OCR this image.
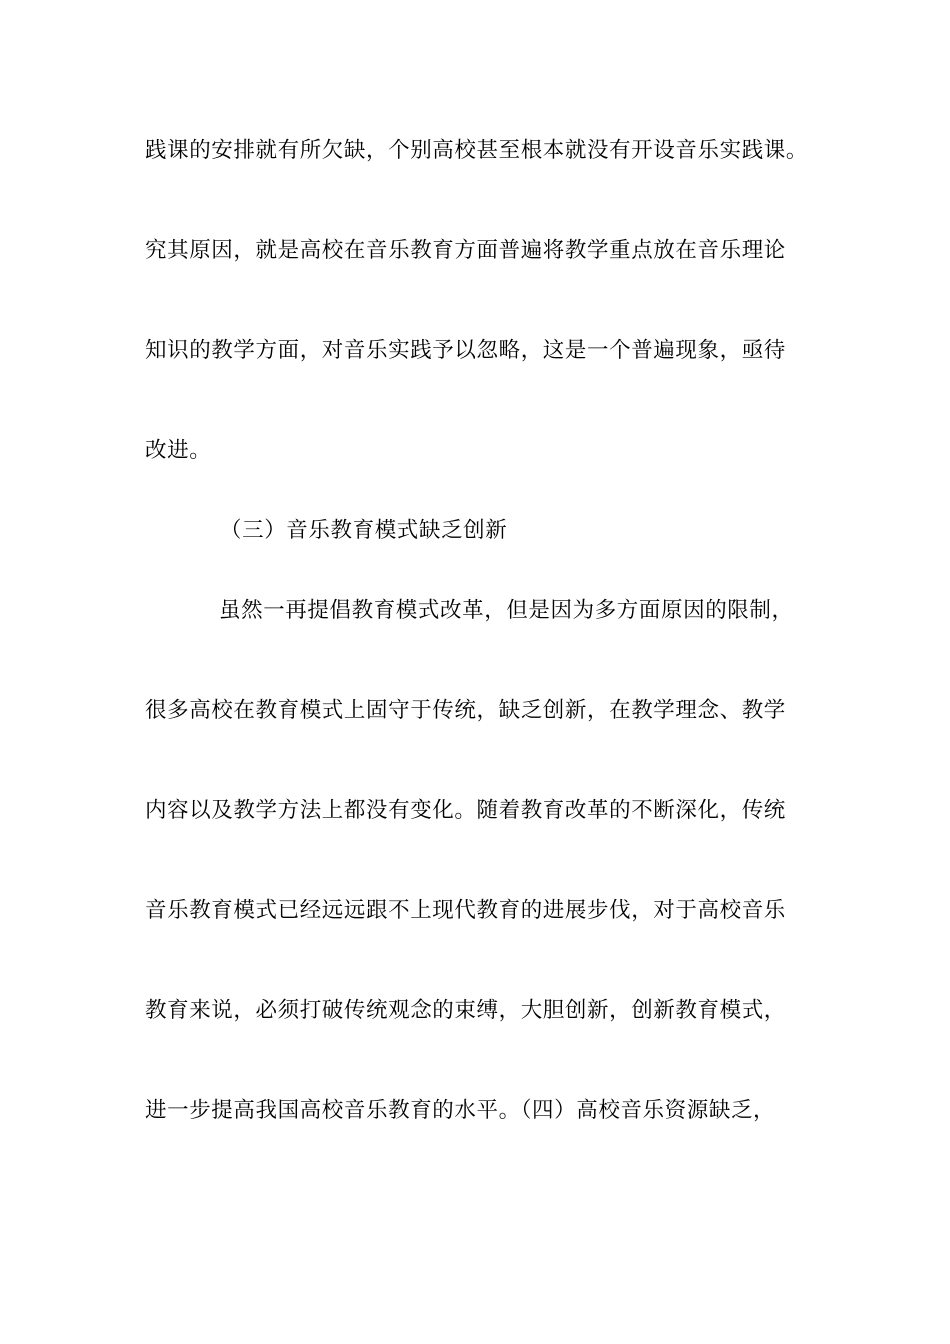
践课的安排就有所欠缺，个别高校甚至根本就没有开设音乐实践课。
究其原因，就是高校在音乐教育方面普遍将教学重点放在音乐理论
知识的教学方面，对音乐实践予以忽略，这是一个普遍现象，亟待
改进。
（三）音乐教育模式缺乏创新
虽然一再提倡教育模式改革，但是因为多方面原因的限制，
很多高校在教育模式上固守于传统，缺乏创新，在教学理念、教学
内容以及教学方法上都没有变化。随着教育改革的不断深化，传统
音乐教育模式已经远远跟不上现代教育的进展步伐，对于高校音乐
教育来说，必须打破传统观念的束缚，大胆创新，创新教育模式，
进一步提高我国高校音乐教育的水平。（四）高校音乐资源缺乏，
